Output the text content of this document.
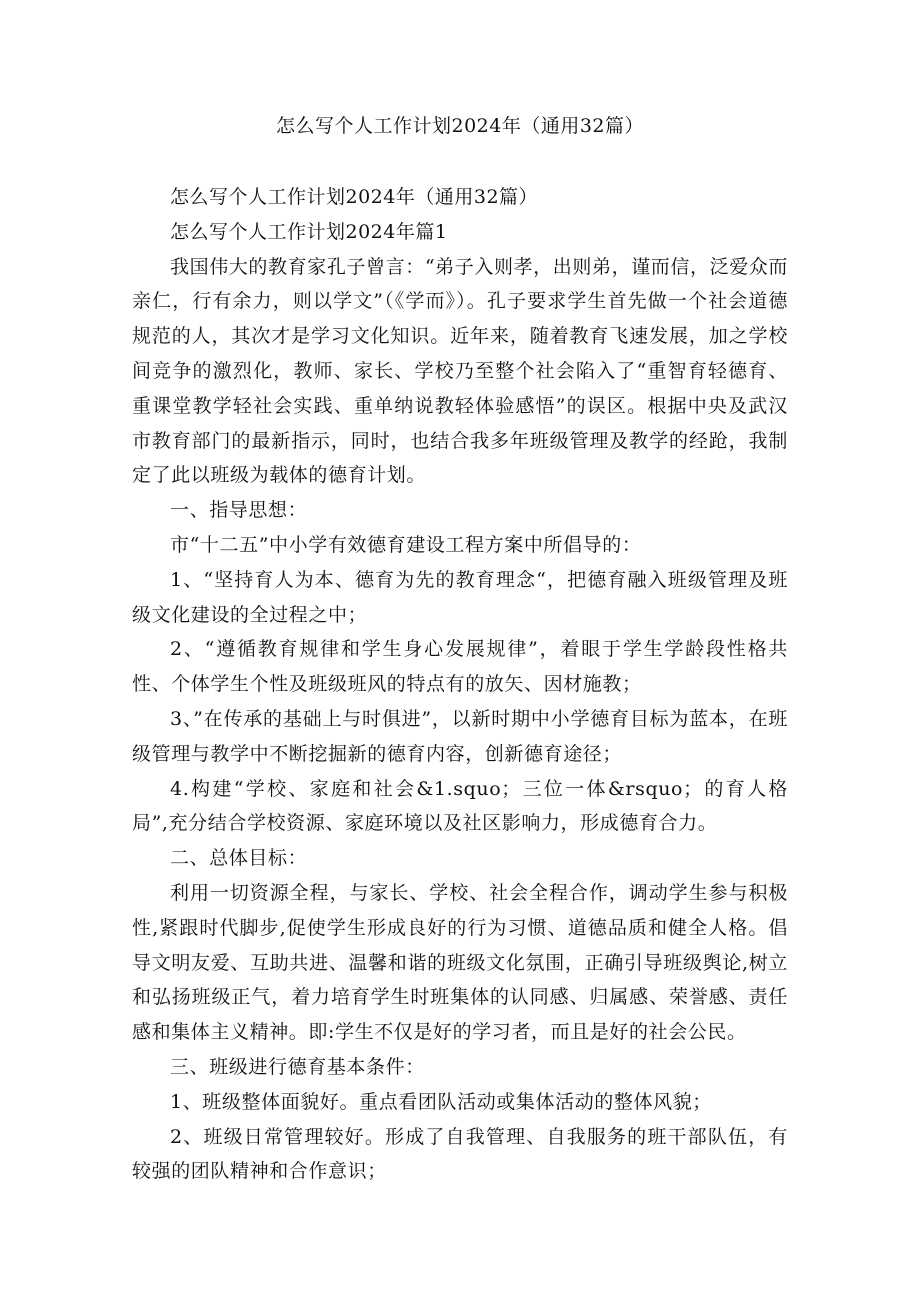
怎么写个人工作计划2024年（通用32篇）

怎么写个人工作计划2024年（通用32篇）

怎么写个人工作计划2024年篇1

我国伟大的教育家孔子曾言：“弟子入则孝，出则弟，谨而信，泛爱众而亲仁，行有余力，则以学文”（《学而》）。孔子要求学生首先做一个社会道德规范的人，其次才是学习文化知识。近年来，随着教育飞速发展，加之学校间竞争的激烈化，教师、家长、学校乃至整个社会陷入了“重智育轻德育、重课堂教学轻社会实践、重单纳说教轻体验感悟”的误区。根据中央及武汉市教育部门的最新指示，同时，也结合我多年班级管理及教学的经跄，我制定了此以班级为载体的德育计划。

一、指导思想：

市“十二五”中小学有效德育建设工程方案中所倡导的：

1、“坚持育人为本、德育为先的教育理念“，把德育融入班级管理及班级文化建设的全过程之中；

2、“遵循教育规律和学生身心发展规律”，着眼于学生学龄段性格共性、个体学生个性及班级班风的特点有的放矢、因材施教；

3、”在传承的基础上与时俱进”，以新时期中小学德育目标为蓝本，在班级管理与教学中不断挖掘新的德育内容，创新德育途径；

4.构建“学校、家庭和社会&1.squo；三位一体&rsquo；的育人格局”,充分结合学校资源、家庭环境以及社区影响力，形成德育合力。

二、总体目标：

利用一切资源全程，与家长、学校、社会全程合作，调动学生参与积极性,紧跟时代脚步,促使学生形成良好的行为习惯、道德品质和健全人格。倡导文明友爱、互助共进、温馨和谐的班级文化氛围，正确引导班级舆论,树立和弘扬班级正气，着力培育学生时班集体的认同感、归属感、荣誉感、责任感和集体主义精神。即:学生不仅是好的学习者，而且是好的社会公民。

三、班级进行德育基本条件：

1、班级整体面貌好。重点看团队活动或集体活动的整体风貌；

2、班级日常管理较好。形成了自我管理、自我服务的班干部队伍，有较强的团队精神和合作意识；
